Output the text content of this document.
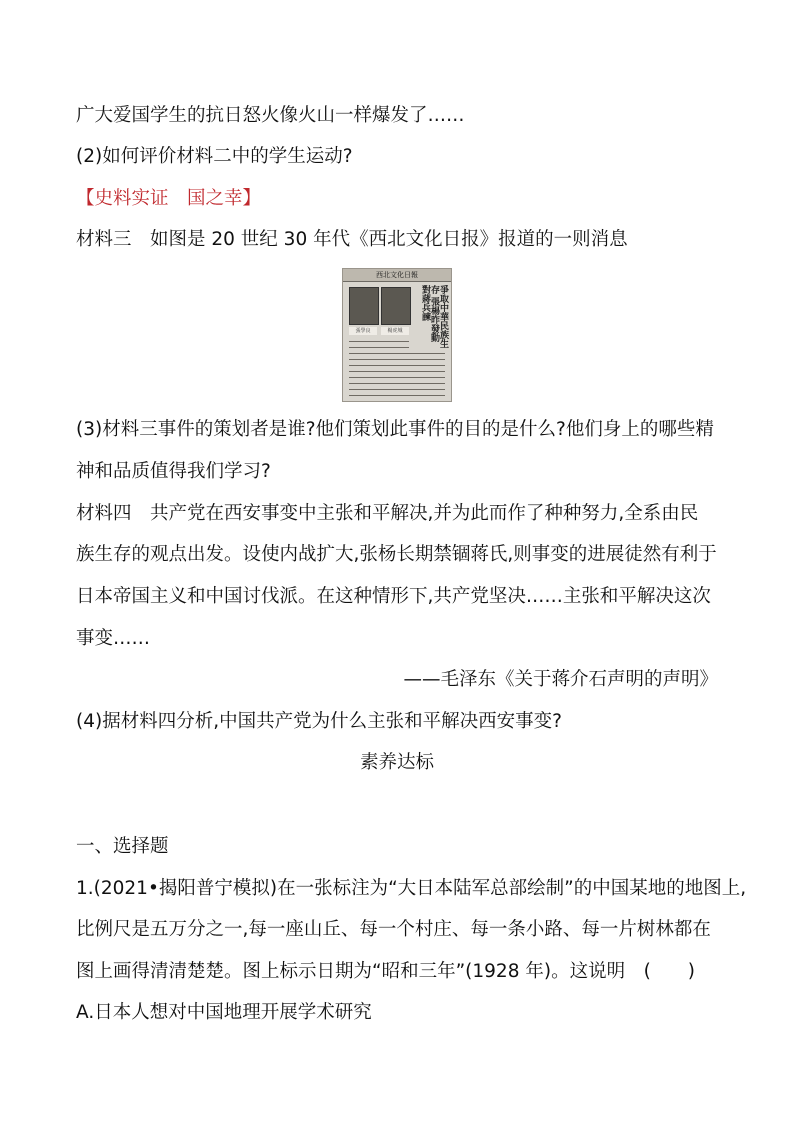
广大爱国学生的抗日怒火像火山一样爆发了……
(2)如何评价材料二中的学生运动?
【史料实证　国之幸】
材料三　如图是 20 世纪 30 年代《西北文化日报》报道的一则消息
西北文化日報
張學良	楊虎城	爭取中華民族生存 張楊昨發動對蔣兵諫
(3)材料三事件的策划者是谁?他们策划此事件的目的是什么?他们身上的哪些精
神和品质值得我们学习?
材料四　共产党在西安事变中主张和平解决,并为此而作了种种努力,全系由民
族生存的观点出发。设使内战扩大,张杨长期禁锢蒋氏,则事变的进展徒然有利于
日本帝国主义和中国讨伐派。在这种情形下,共产党坚决……主张和平解决这次
事变……
——毛泽东《关于蒋介石声明的声明》
(4)据材料四分析,中国共产党为什么主张和平解决西安事变?
素养达标
一、选择题
1.(2021•揭阳普宁模拟)在一张标注为“大日本陆军总部绘制”的中国某地的地图上,
比例尺是五万分之一,每一座山丘、每一个村庄、每一条小路、每一片树林都在
图上画得清清楚楚。图上标示日期为“昭和三年”(1928 年)。这说明　(　　)
A.日本人想对中国地理开展学术研究
